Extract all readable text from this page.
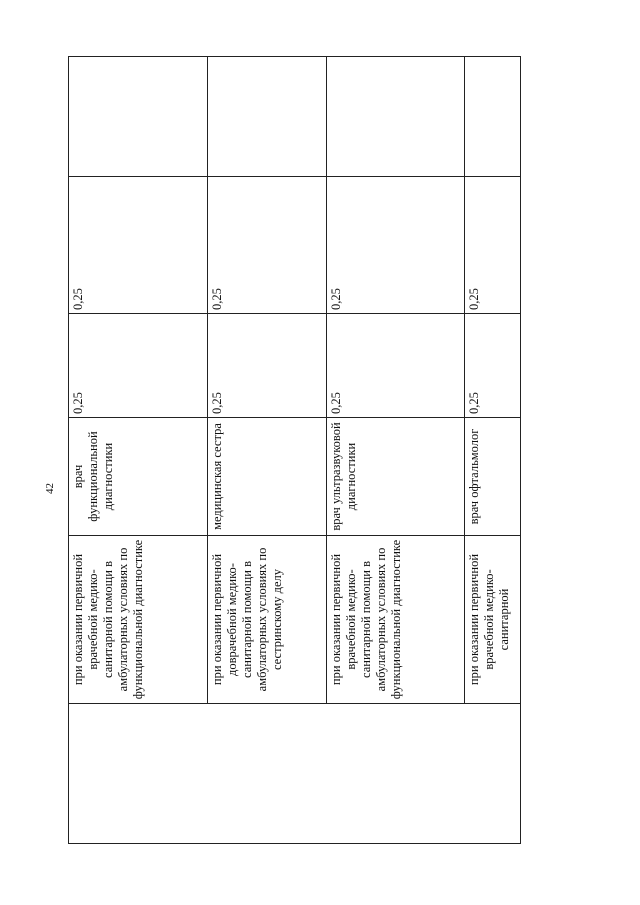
42
	при оказании первичной врачебной медико-санитарной помощи в амбулаторных условиях по функциональной диагностике	врач функциональной диагностики	0,25	0,25	
	при оказании первичной доврачебной медико-санитарной помощи в амбулаторных условиях по сестринскому делу	медицинская сестра	0,25	0,25	
	при оказании первичной врачебной медико-санитарной помощи в амбулаторных условиях по функциональной диагностике	врач ультразвуковой диагностики	0,25	0,25	
	при оказании первичной врачебной медико-санитарной	врач офтальмолог	0,25	0,25	
